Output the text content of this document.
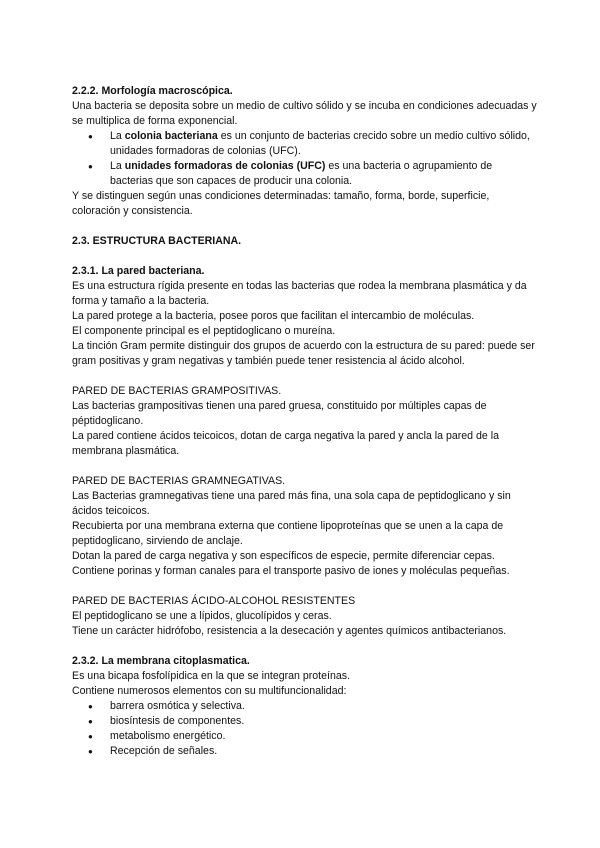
2.2.2. Morfología macroscópica.

Una bacteria se deposita sobre un medio de cultivo sólido y se incuba en condiciones adecuadas y se multiplica de forma exponencial.

● La colonia bacteriana es un conjunto de bacterias crecido sobre un medio cultivo sólido, unidades formadoras de colonias (UFC).
● La unidades formadoras de colonias (UFC) es una bacteria o agrupamiento de bacterias que son capaces de producir una colonia.

Y se distinguen según unas condiciones determinadas: tamaño, forma, borde, superficie, coloración y consistencia.

2.3. ESTRUCTURA BACTERIANA.

2.3.1. La pared bacteriana.

Es una estructura rígida presente en todas las bacterias que rodea la membrana plasmática y da forma y tamaño a la bacteria.

La pared protege a la bacteria, posee poros que facilitan el intercambio de moléculas.

El componente principal es el peptidoglicano o mureína.

La tinción Gram permite distinguir dos grupos de acuerdo con la estructura de su pared: puede ser gram positivas y gram negativas y también puede tener resistencia al ácido alcohol.

PARED DE BACTERIAS GRAMPOSITIVAS.

Las bacterias grampositivas tienen una pared gruesa, constituido por múltiples capas de péptidoglicano.

La pared contiene ácidos teicoicos, dotan de carga negativa la pared y ancla la pared de la membrana plasmática.

PARED DE BACTERIAS GRAMNEGATIVAS.

Las Bacterias gramnegativas tiene una pared más fina, una sola capa de peptidoglicano y sin ácidos teicoicos.

Recubierta por una membrana externa que contiene lipoproteínas que se unen a la capa de peptidoglicano, sirviendo de anclaje.

Dotan la pared de carga negativa y son específicos de especie, permite diferenciar cepas.

Contiene porinas y forman canales para el transporte pasivo de iones y moléculas pequeñas.

PARED DE BACTERIAS ÁCIDO-ALCOHOL RESISTENTES

El peptidoglicano se une a lípidos, glucolípidos y ceras.

Tiene un carácter hidrófobo, resistencia a la desecación y agentes químicos antibacterianos.

2.3.2. La membrana citoplasmatica.

Es una bicapa fosfolípidica en la que se integran proteínas.

Contiene numerosos elementos con su multifuncionalidad:

● barrera osmótica y selectiva.
● biosíntesis de componentes.
● metabolismo energético.
● Recepción de señales.
